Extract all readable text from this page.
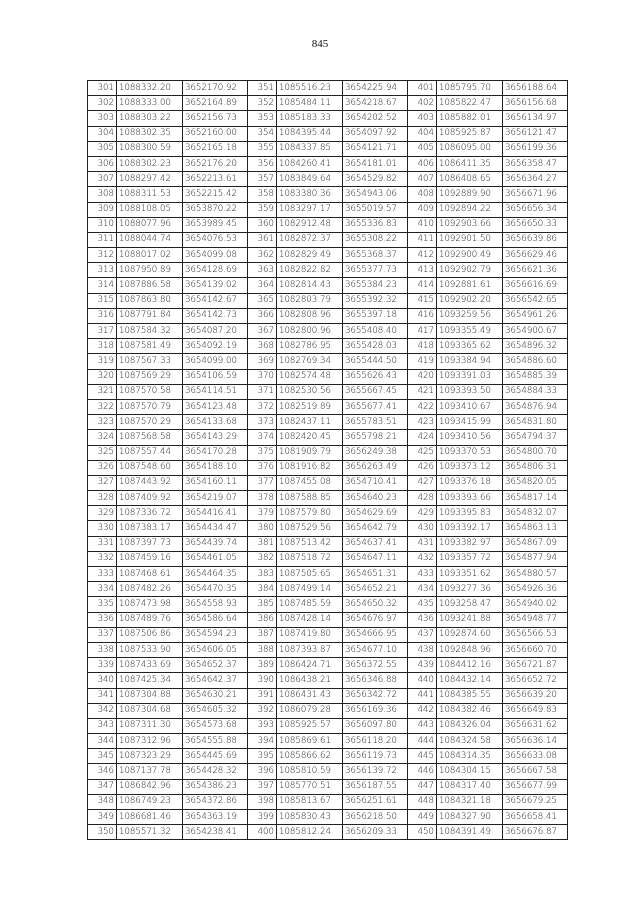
845
301	1088332.20	3652170.92	351	1085516.23	3654225.94	401	1085795.70	3656188.64
302	1088333.00	3652164.89	352	1085484.11	3654218.67	402	1085822.47	3656156.68
303	1088303.22	3652156.73	353	1085183.33	3654202.52	403	1085882.01	3656134.97
304	1088302.35	3652160.00	354	1084395.44	3654097.92	404	1085925.87	3656121.47
305	1088300.59	3652165.18	355	1084337.85	3654121.71	405	1086095.00	3656199.36
306	1088302.23	3652176.20	356	1084260.41	3654181.01	406	1086411.35	3656358.47
307	1088297.42	3652213.61	357	1083849.64	3654529.82	407	1086408.65	3656364.27
308	1088311.53	3652215.42	358	1083380.36	3654943.06	408	1092889.90	3656671.96
309	1088108.05	3653870.22	359	1083297.17	3655019.57	409	1092894.22	3656656.34
310	1088077.96	3653989.45	360	1082912.48	3655336.83	410	1092903.66	3656650.33
311	1088044.74	3654076.53	361	1082872.37	3655308.22	411	1092901.50	3656639.86
312	1088017.02	3654099.08	362	1082829.49	3655368.37	412	1092900.49	3656629.46
313	1087950.89	3654128.69	363	1082822.82	3655377.73	413	1092902.79	3656621.36
314	1087886.58	3654139.02	364	1082814.43	3655384.23	414	1092881.61	3656616.69
315	1087863.80	3654142.67	365	1082803.79	3655392.32	415	1092902.20	3656542.65
316	1087791.84	3654142.73	366	1082808.96	3655397.18	416	1093259.56	3654961.26
317	1087584.32	3654087.20	367	1082800.96	3655408.40	417	1093355.49	3654900.67
318	1087581.49	3654092.19	368	1082786.95	3655428.03	418	1093365.62	3654896.32
319	1087567.33	3654099.00	369	1082769.34	3655444.50	419	1093384.94	3654886.60
320	1087569.29	3654106.59	370	1082574.48	3655626.43	420	1093391.03	3654885.39
321	1087570.58	3654114.51	371	1082530.56	3655667.45	421	1093393.50	3654884.33
322	1087570.79	3654123.48	372	1082519.89	3655677.41	422	1093410.67	3654876.94
323	1087570.29	3654133.68	373	1082437.11	3655783.51	423	1093415.99	3654831.80
324	1087568.58	3654143.29	374	1082420.45	3655798.21	424	1093410.56	3654794.37
325	1087557.44	3654170.28	375	1081909.79	3656249.38	425	1093370.53	3654800.70
326	1087548.60	3654188.10	376	1081916.82	3656263.49	426	1093373.12	3654806.31
327	1087443.92	3654160.11	377	1087455.08	3654710.41	427	1093376.18	3654820.05
328	1087409.92	3654219.07	378	1087588.85	3654640.23	428	1093393.66	3654817.14
329	1087336.72	3654416.41	379	1087579.80	3654629.69	429	1093395.83	3654832.07
330	1087383.17	3654434.47	380	1087529.56	3654642.79	430	1093392.17	3654863.13
331	1087397.73	3654439.74	381	1087513.42	3654637.41	431	1093382.97	3654867.09
332	1087459.16	3654461.05	382	1087518.72	3654647.11	432	1093357.72	3654877.94
333	1087468.61	3654464.35	383	1087505.65	3654651.31	433	1093351.62	3654880.57
334	1087482.26	3654470.35	384	1087499.14	3654652.21	434	1093277.36	3654926.36
335	1087473.98	3654558.93	385	1087485.59	3654650.32	435	1093258.47	3654940.02
336	1087489.76	3654586.64	386	1087428.14	3654676.97	436	1093241.88	3654948.77
337	1087506.86	3654594.23	387	1087419.80	3654666.95	437	1092874.60	3656566.53
338	1087533.90	3654606.05	388	1087393.87	3654677.10	438	1092848.96	3656660.70
339	1087433.69	3654652.37	389	1086424.71	3656372.55	439	1084412.16	3656721.87
340	1087425.34	3654642.37	390	1086438.21	3656346.88	440	1084432.14	3656652.72
341	1087304.88	3654630.21	391	1086431.43	3656342.72	441	1084385.55	3656639.20
342	1087304.68	3654605.32	392	1086079.28	3656169.36	442	1084382.46	3656649.83
343	1087311.30	3654573.68	393	1085925.57	3656097.80	443	1084326.04	3656631.62
344	1087312.96	3654555.88	394	1085869.61	3656118.20	444	1084324.58	3656636.14
345	1087323.29	3654445.69	395	1085866.62	3656119.73	445	1084314.35	3656633.08
346	1087137.78	3654428.32	396	1085810.59	3656139.72	446	1084304.15	3656667.58
347	1086842.96	3654386.23	397	1085770.51	3656187.55	447	1084317.40	3656677.99
348	1086749.23	3654372.86	398	1085813.67	3656251.61	448	1084321.18	3656679.25
349	1086681.46	3654363.19	399	1085830.43	3656218.50	449	1084327.90	3656658.41
350	1085571.32	3654238.41	400	1085812.24	3656209.33	450	1084391.49	3656676.87
